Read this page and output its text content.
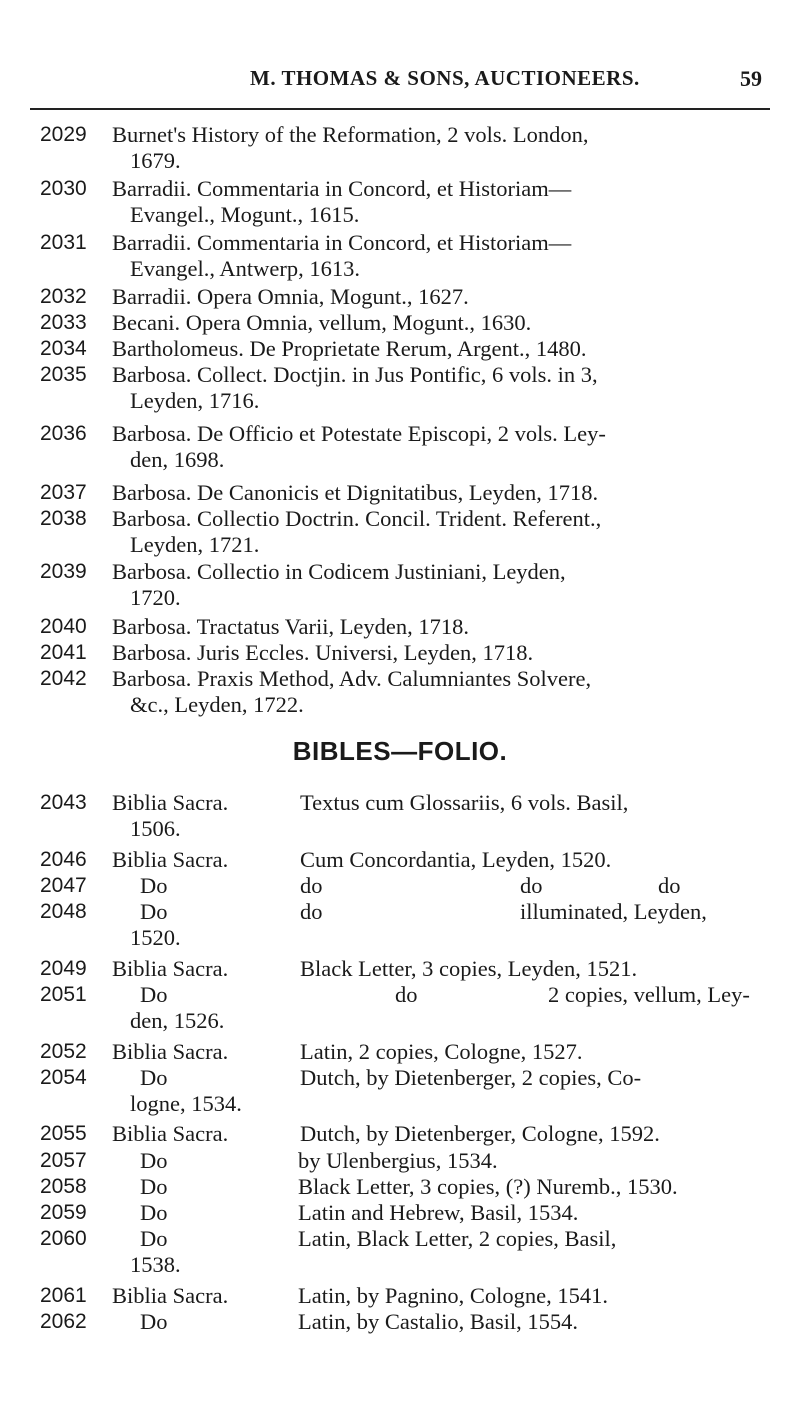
M. THOMAS & SONS, AUCTIONEERS.	59
2029 Burnet's History of the Reformation, 2 vols. London,
1679.
2030 Barradii. Commentaria in Concord, et Historiam—
Evangel., Mogunt., 1615.
2031 Barradii. Commentaria in Concord, et Historiam—
Evangel., Antwerp, 1613.
2032 Barradii. Opera Omnia, Mogunt., 1627.
2033 Becani. Opera Omnia, vellum, Mogunt., 1630.
2034 Bartholomeus. De Proprietate Rerum, Argent., 1480.
2035 Barbosa. Collect. Doctjin. in Jus Pontific, 6 vols. in 3,
Leyden, 1716.
2036 Barbosa. De Officio et Potestate Episcopi, 2 vols. Ley-
den, 1698.
2037 Barbosa. De Canonicis et Dignitatibus, Leyden, 1718.
2038 Barbosa. Collectio Doctrin. Concil. Trident. Referent.,
Leyden, 1721.
2039 Barbosa. Collectio in Codicem Justiniani, Leyden,
1720.
2040 Barbosa. Tractatus Varii, Leyden, 1718.
2041 Barbosa. Juris Eccles. Universi, Leyden, 1718.
2042 Barbosa. Praxis Method, Adv. Calumniantes Solvere,
&c., Leyden, 1722.
BIBLES—FOLIO.
2043 Biblia Sacra.	Textus cum Glossariis, 6 vols. Basil,
1506.
2046 Biblia Sacra.	Cum Concordantia, Leyden, 1520.
2047 Do	do	do	do
2048 Do	do	illuminated, Leyden,
1520.
2049 Biblia Sacra.	Black Letter, 3 copies, Leyden, 1521.
2051 Do	do	2 copies, vellum, Ley-
den, 1526.
2052 Biblia Sacra.	Latin, 2 copies, Cologne, 1527.
2054 Do	Dutch, by Dietenberger, 2 copies, Co-
logne, 1534.
2055 Biblia Sacra.	Dutch, by Dietenberger, Cologne, 1592.
2057 Do	by Ulenbergius, 1534.
2058 Do	Black Letter, 3 copies, (?) Nuremb., 1530.
2059 Do	Latin and Hebrew, Basil, 1534.
2060 Do	Latin, Black Letter, 2 copies, Basil,
1538.
2061 Biblia Sacra.	Latin, by Pagnino, Cologne, 1541.
2062 Do	Latin, by Castalio, Basil, 1554.
